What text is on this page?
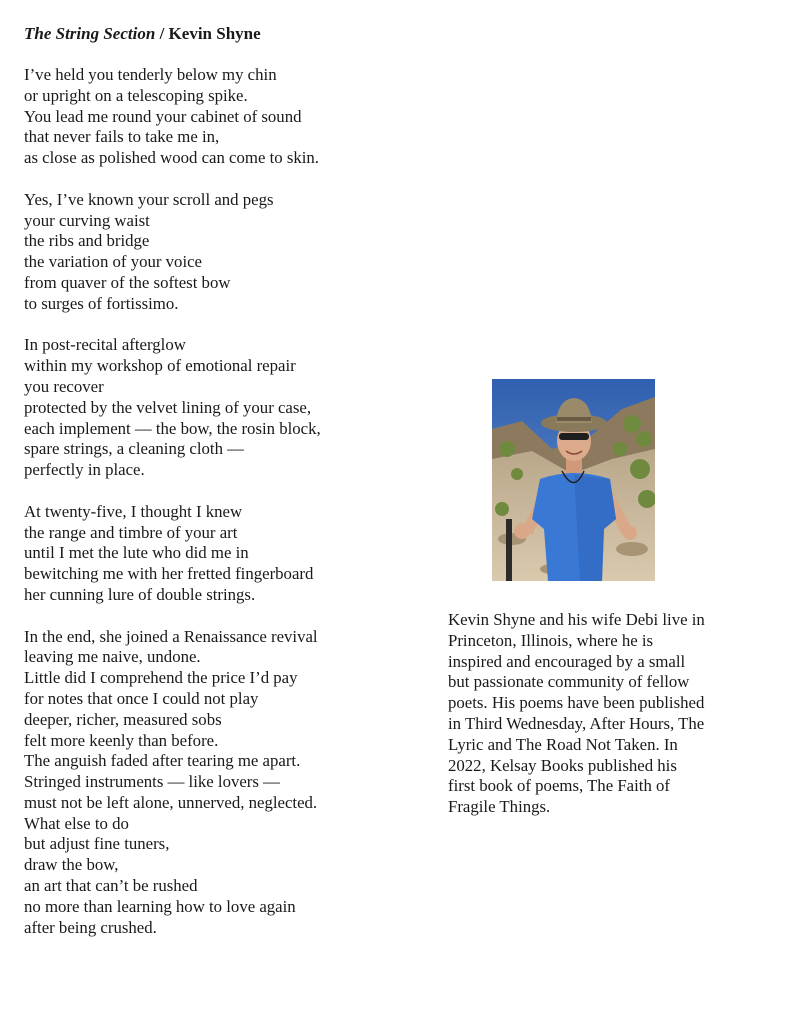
The String Section / Kevin Shyne
I’ve held you tenderly below my chin
or upright on a telescoping spike.
You lead me round your cabinet of sound
that never fails to take me in,
as close as polished wood can come to skin.
Yes, I’ve known your scroll and pegs
your curving waist
the ribs and bridge
the variation of your voice
from quaver of the softest bow
to surges of fortissimo.
In post-recital afterglow
within my workshop of emotional repair
you recover
protected by the velvet lining of your case,
each implement — the bow, the rosin block,
spare strings, a cleaning cloth —
perfectly in place.
At twenty-five, I thought I knew
the range and timbre of your art
until I met the lute who did me in
bewitching me with her fretted fingerboard
her cunning lure of double strings.
In the end, she joined a Renaissance revival
leaving me naive, undone.
Little did I comprehend the price I’d pay
for notes that once I could not play
deeper, richer, measured sobs
felt more keenly than before.
The anguish faded after tearing me apart.
Stringed instruments — like lovers —
must not be left alone, unnerved, neglected.
What else to do
but adjust fine tuners,
draw the bow,
an art that can’t be rushed
no more than learning how to love again
after being crushed.
Kevin Shyne and his wife Debi live in
Princeton, Illinois, where he is
inspired and encouraged by a small
but passionate community of fellow
poets. His poems have been published
in Third Wednesday, After Hours, The
Lyric and The Road Not Taken. In
2022, Kelsay Books published his
first book of poems, The Faith of
Fragile Things.
